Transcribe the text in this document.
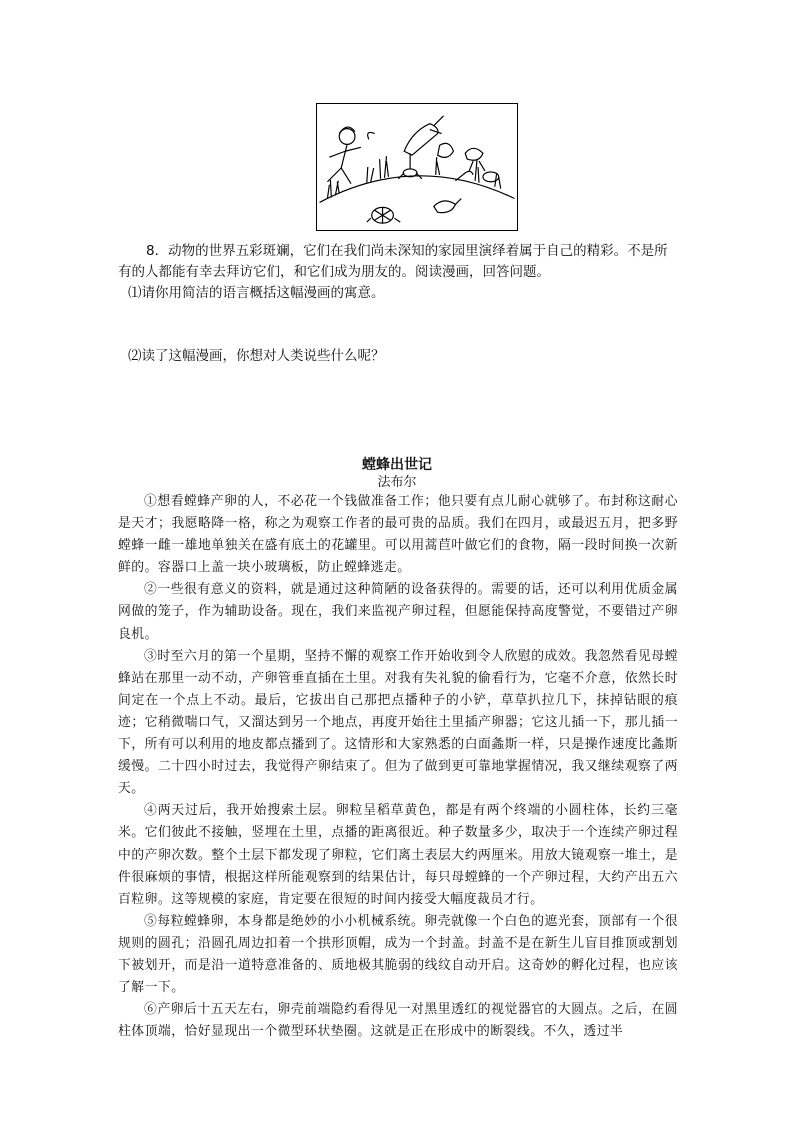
8．动物的世界五彩斑斓，它们在我们尚未深知的家园里演绎着属于自己的精彩。不是所有的人都能有幸去拜访它们，和它们成为朋友的。阅读漫画，回答问题。
⑴请你用简洁的语言概括这幅漫画的寓意。
⑵读了这幅漫画，你想对人类说些什么呢？
螳蜂出世记
法布尔

①想看螳蜂产卵的人，不必花一个钱做准备工作；他只要有点儿耐心就够了。布封称这耐心是天才；我愿略降一格，称之为观察工作者的最可贵的品质。我们在四月，或最迟五月，把多野螳蜂一雌一雄地单独关在盛有底土的花罐里。可以用蒿苣叶做它们的食物，隔一段时间换一次新鲜的。容器口上盖一块小玻璃板，防止螳蜂逃走。

②一些很有意义的资料，就是通过这种简陋的设备获得的。需要的话，还可以利用优质金属网做的笼子，作为辅助设备。现在，我们来监视产卵过程，但愿能保持高度警觉，不要错过产卵良机。

③时至六月的第一个星期，坚持不懈的观察工作开始收到令人欣慰的成效。我忽然看见母螳蜂站在那里一动不动，产卵管垂直插在土里。对我有失礼貌的偷看行为，它毫不介意，依然长时间定在一个点上不动。最后，它拔出自己那把点播种子的小铲，草草扒拉几下，抹掉钻眼的痕迹；它稍微喘口气，又溜达到另一个地点，再度开始往土里插产卵器；它这儿插一下，那儿插一下，所有可以利用的地皮都点播到了。这情形和大家熟悉的白面螽斯一样，只是操作速度比螽斯缓慢。二十四小时过去，我觉得产卵结束了。但为了做到更可靠地掌握情况，我又继续观察了两天。

④两天过后，我开始搜索土层。卵粒呈稻草黄色，都是有两个终端的小圆柱体，长约三毫米。它们彼此不接触，竖埋在土里，点播的距离很近。种子数量多少，取决于一个连续产卵过程中的产卵次数。整个土层下都发现了卵粒，它们离土表层大约两厘米。用放大镜观察一堆土，是件很麻烦的事情，根据这样所能观察到的结果估计，每只母螳蜂的一个产卵过程，大约产出五六百粒卵。这等规模的家庭，肯定要在很短的时间内接受大幅度裁员才行。

⑤每粒螳蜂卵，本身都是绝妙的小小机械系统。卵壳就像一个白色的遮光套，顶部有一个很规则的圆孔；沿圆孔周边扣着一个拱形顶帽，成为一个封盖。封盖不是在新生儿盲目推顶或割划下被划开，而是沿一道特意准备的、质地极其脆弱的线纹自动开启。这奇妙的孵化过程，也应该了解一下。

⑥产卵后十五天左右，卵壳前端隐约看得见一对黑里透红的视觉器官的大圆点。之后，在圆柱体顶端，恰好显现出一个微型环状垫圈。这就是正在形成中的断裂线。不久，透过半
